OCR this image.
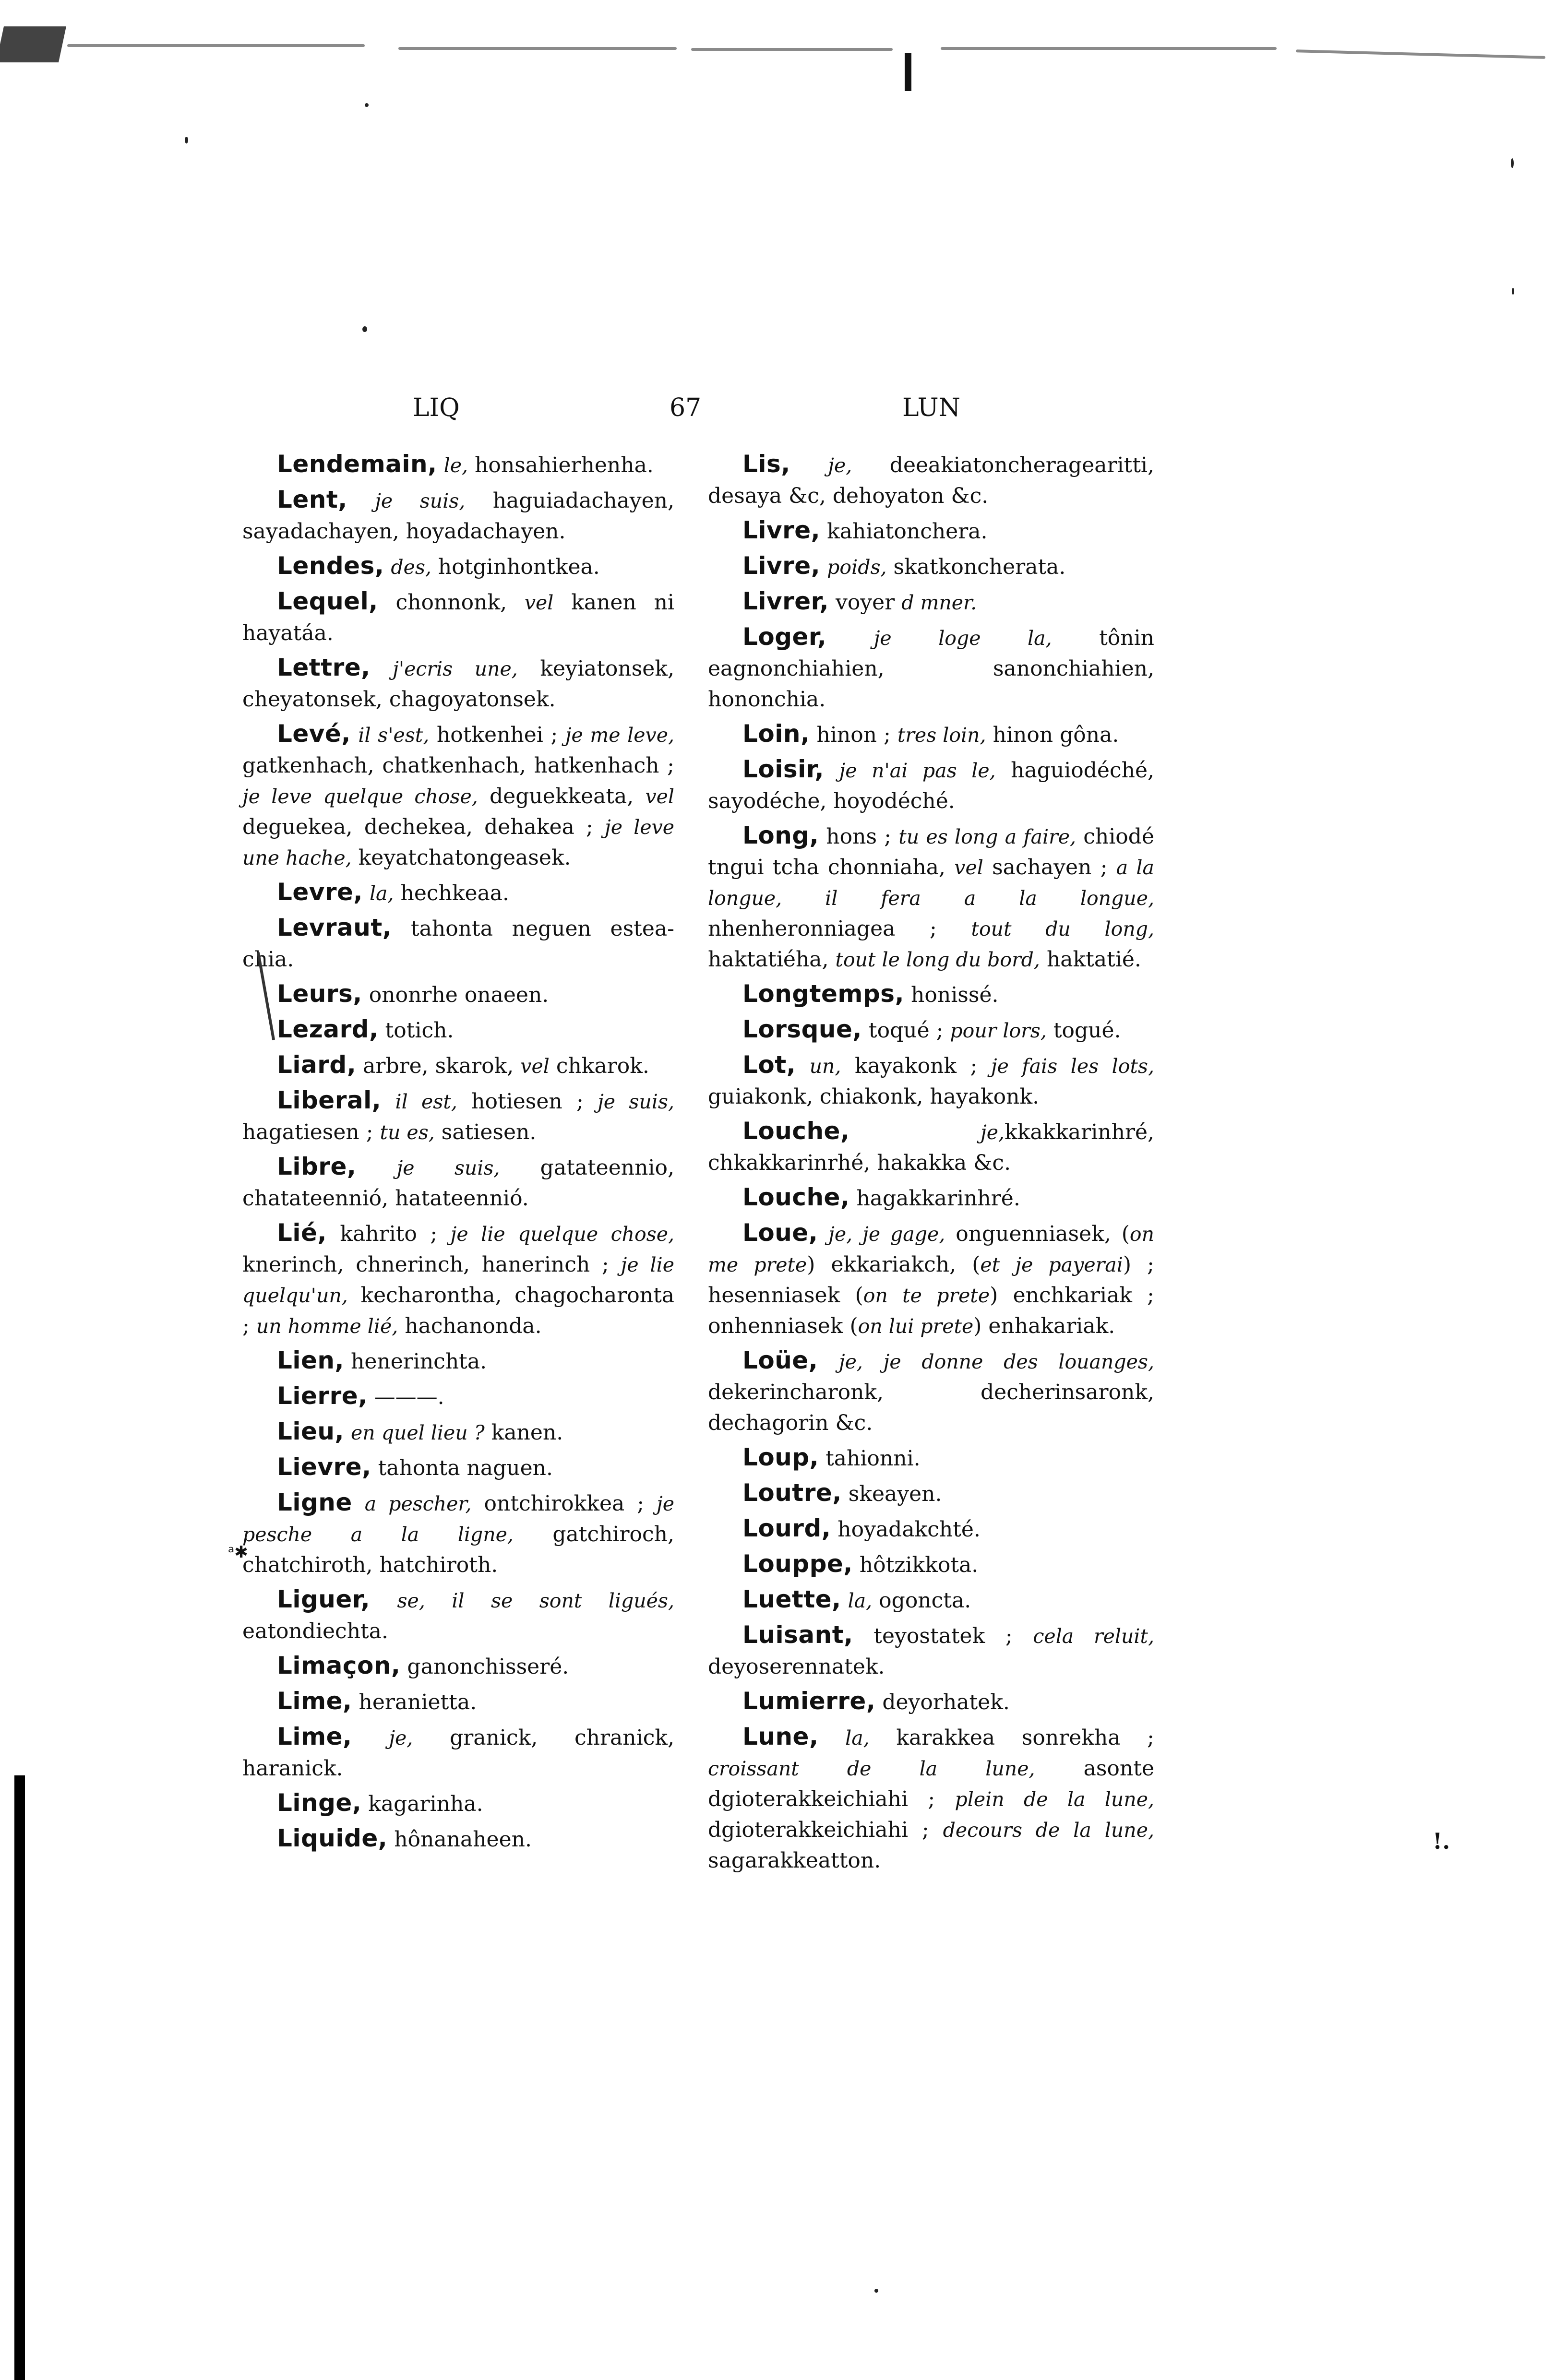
LIQ	67	LUN

Lendemain, le, honsahierhenha.

Lent, je suis, haguiadachayen, sayadachayen, hoyadachayen.

Lendes, des, hotginhontkea.

Lequel, chonnonk, vel kanen ni hayatáa.

Lettre, j'ecris une, keyiatonsek, cheyatonsek, chagoyatonsek.

Levé, il s'est, hotkenhei ; je me leve, gatkenhach, chatkenhach, hatkenhach ; je leve quelque chose, deguekkeata, vel deguekea, dechekea, dehakea ; je leve une hache, keyatchatongeasek.

Levre, la, hechkeaa.

Levraut, tahonta neguen estea-chia.

Leurs, ononrhe onaeen.

Lezard, totich.

Liard, arbre, skarok, vel chkarok.

Liberal, il est, hotiesen ; je suis, hagatiesen ; tu es, satiesen.

Libre, je suis, gatateennio, chatateennió, hatateennió.

Lié, kahrito ; je lie quelque chose, knerinch, chnerinch, hanerinch ; je lie quelqu'un, kecharontha, chagocharonta ; un homme lié, hachanonda.

Lien, henerinchta.

Lierre, ———.

Lieu, en quel lieu ? kanen.

Lievre, tahonta naguen.

Ligne a pescher, ontchirokkea ; je pesche a la ligne, gatchiroch, chatchiroth, hatchiroth.

Liguer, se, il se sont ligués, eatondiechta.

Limaçon, ganonchisseré.

Lime, heranietta.

Lime, je, granick, chranick, haranick.

Linge, kagarinha.

Liquide, hônanaheen.

Lis, je, deeakiatoncheragearitti, desaya &c, dehoyaton &c.

Livre, kahiatonchera.

Livre, poids, skatkoncherata.

Livrer, voyer d mner.

Loger, je loge la, tônin eagnonchiahien, sanonchiahien, hononchia.

Loin, hinon ; tres loin, hinon gôna.

Loisir, je n'ai pas le, haguiodéché, sayodéche, hoyodéché.

Long, hons ; tu es long a faire, chiodé tngui tcha chonniaha, vel sachayen ; a la longue, il fera a la longue, nhenheronniagea ; tout du long, haktatiéha, tout le long du bord, haktatié.

Longtemps, honissé.

Lorsque, toqué ; pour lors, togué.

Lot, un, kayakonk ; je fais les lots, guiakonk, chiakonk, hayakonk.

Louche,	je,kkakkarinhré, chkakkarinrhé, hakakka &c.

Louche, hagakkarinhré.

Loue, je, je gage, onguenniasek, (on me prete) ekkariakch, (et je payerai) ; hesenniasek (on te prete) enchkariak ; onhenniasek (on lui prete) enhakariak.

Loüe, je, je donne des louanges, dekerincharonk, decherinsaronk, dechagorin &c.

Loup, tahionni.

Loutre, skeayen.

Lourd, hoyadakchté.

Louppe, hôtzikkota.

Luette, la, ogoncta.

Luisant, teyostatek ; cela reluit, deyoserennatek.

Lumierre, deyorhatek.

Lune, la, karakkea sonrekha ; croissant de la lune, asonte dgioterakkeichiahi ; plein de la lune, dgioterakkeichiahi ; decours de la lune, sagarakkeatton.

ᵃ✱
!.
